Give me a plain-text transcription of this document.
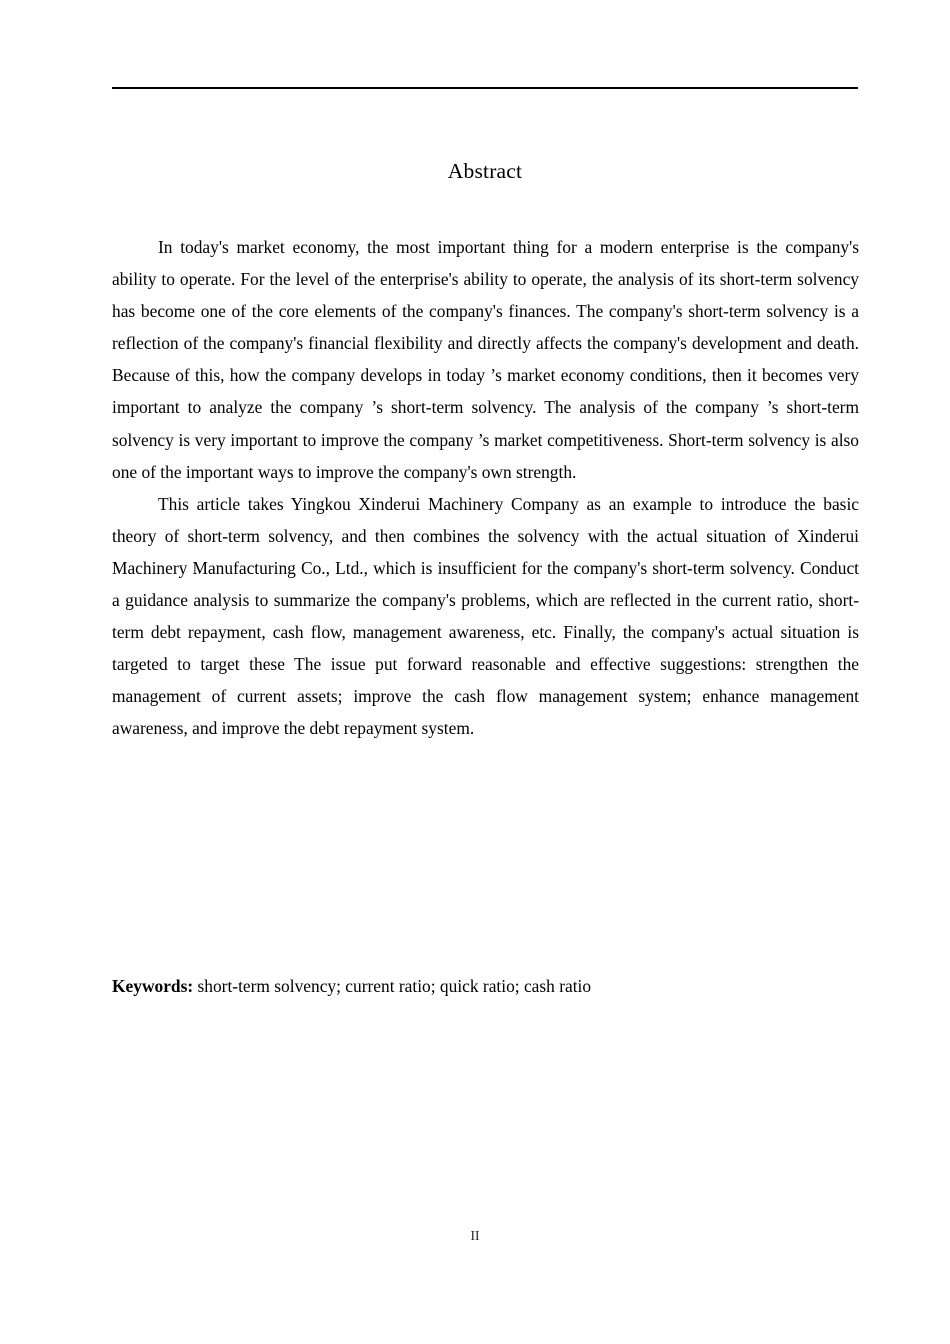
Abstract

In today's market economy, the most important thing for a modern enterprise is the company's ability to operate. For the level of the enterprise's ability to operate, the analysis of its short-term solvency has become one of the core elements of the company's finances. The company's short-term solvency is a reflection of the company's financial flexibility and directly affects the company's development and death. Because of this, how the company develops in today ’s market economy conditions, then it becomes very important to analyze the company ’s short-term solvency. The analysis of the company ’s short-term solvency is very important to improve the company ’s market competitiveness. Short-term solvency is also one of the important ways to improve the company's own strength.

This article takes Yingkou Xinderui Machinery Company as an example to introduce the basic theory of short-term solvency, and then combines the solvency with the actual situation of Xinderui Machinery Manufacturing Co., Ltd., which is insufficient for the company's short-term solvency. Conduct a guidance analysis to summarize the company's problems, which are reflected in the current ratio, short-term debt repayment, cash flow, management awareness, etc. Finally, the company's actual situation is targeted to target these The issue put forward reasonable and effective suggestions: strengthen the management of current assets; improve the cash flow management system; enhance management awareness, and improve the debt repayment system.

Keywords: short-term solvency; current ratio; quick ratio; cash ratio
II
